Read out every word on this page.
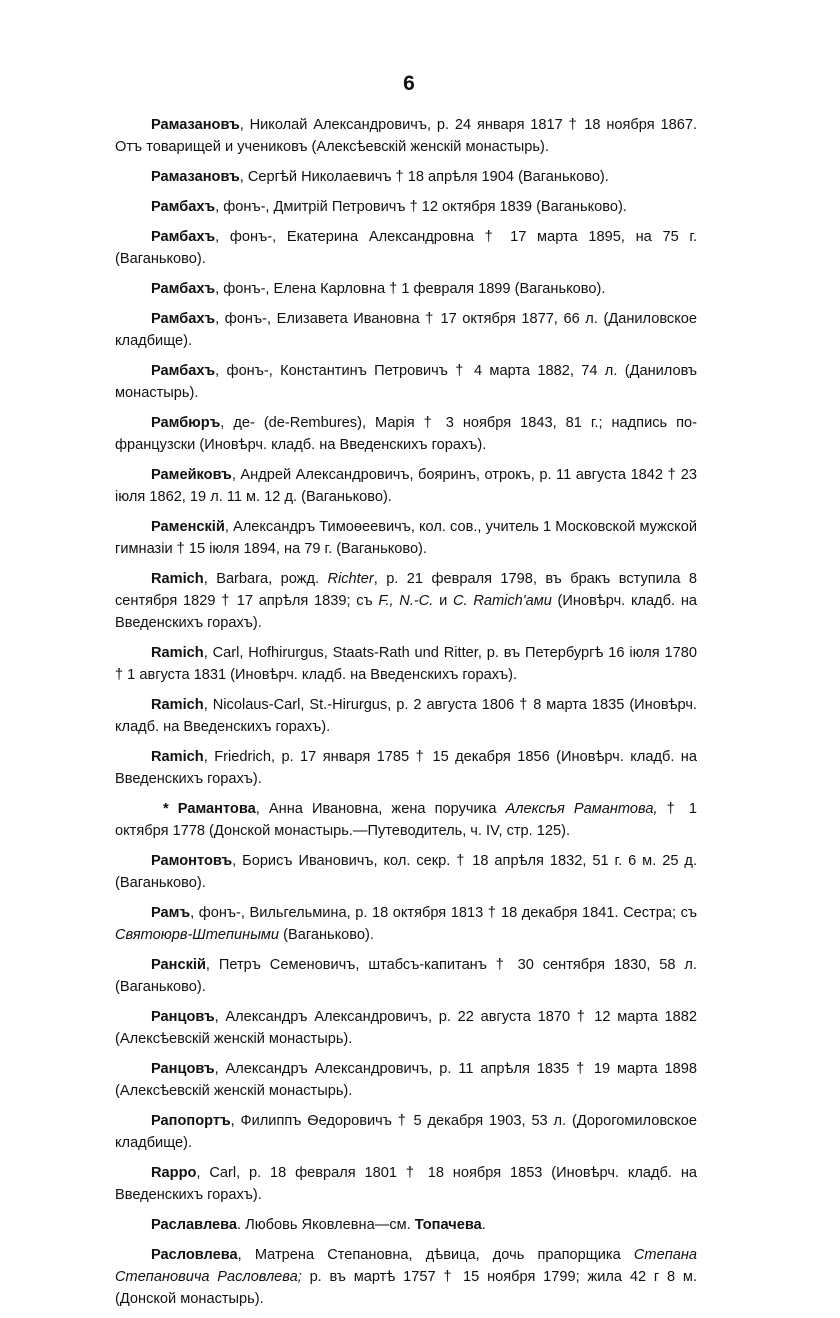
6

Рамазановъ, Николай Александровичъ, р. 24 января 1817 † 18 ноября 1867. Отъ товарищей и учениковъ (Алексѣевскій женскій монастырь).

Рамазановъ, Сергѣй Николаевичъ † 18 апрѣля 1904 (Ваганьково).

Рамбахъ, фонъ-, Дмитрій Петровичъ † 12 октября 1839 (Ваганьково).

Рамбахъ, фонъ-, Екатерина Александровна † 17 марта 1895, на 75 г. (Ваганьково).

Рамбахъ, фонъ-, Елена Карловна † 1 февраля 1899 (Ваганьково).

Рамбахъ, фонъ-, Елизавета Ивановна † 17 октября 1877, 66 л. (Даниловское кладбище).

Рамбахъ, фонъ-, Константинъ Петровичъ † 4 марта 1882, 74 л. (Даниловъ монастырь).

Рамбюръ, де- (de-Rembures), Марія † 3 ноября 1843, 81 г.; надпись по-французски (Иновѣрч. кладб. на Введенскихъ горахъ).

Рамейковъ, Андрей Александровичъ, бояринъ, отрокъ, р. 11 августа 1842 † 23 іюля 1862, 19 л. 11 м. 12 д. (Ваганьково).

Раменскій, Александръ Тимоѳеевичъ, кол. сов., учитель 1 Московской мужской гимназіи † 15 іюля 1894, на 79 г. (Ваганьково).

Ramich, Barbara, рожд. Richter, р. 21 февраля 1798, въ бракъ вступила 8 сентября 1829 † 17 апрѣля 1839; съ F., N.-C. и C. Ramich'ами (Иновѣрч. кладб. на Введенскихъ горахъ).

Ramich, Carl, Hofhirurgus, Staats-Rath und Ritter, р. въ Петербургѣ 16 іюля 1780 † 1 августа 1831 (Иновѣрч. кладб. на Введенскихъ горахъ).

Ramich, Nicolaus-Carl, St.-Hirurgus, р. 2 августа 1806 † 8 марта 1835 (Иновѣрч. кладб. на Введенскихъ горахъ).

Ramich, Friedrich, р. 17 января 1785 † 15 декабря 1856 (Иновѣрч. кладб. на Введенскихъ горахъ).

* Рамантова, Анна Ивановна, жена поручика Алексѣя Рамантова, † 1 октября 1778 (Донской монастырь.—Путеводитель, ч. IV, стр. 125).

Рамонтовъ, Борисъ Ивановичъ, кол. секр. † 18 апрѣля 1832, 51 г. 6 м. 25 д. (Ваганьково).

Рамъ, фонъ-, Вильгельмина, р. 18 октября 1813 † 18 декабря 1841. Сестра; съ Святоюрв-Штепиными (Ваганьково).

Ранскій, Петръ Семеновичъ, штабсъ-капитанъ † 30 сентября 1830, 58 л. (Ваганьково).

Ранцовъ, Александръ Александровичъ, р. 22 августа 1870 † 12 марта 1882 (Алексѣевскій женскій монастырь).

Ранцовъ, Александръ Александровичъ, р. 11 апрѣля 1835 † 19 марта 1898 (Алексѣевскій женскій монастырь).

Рапопортъ, Филиппъ Ѳедоровичъ † 5 декабря 1903, 53 л. (Дорогомиловское кладбище).

Rappo, Carl, р. 18 февраля 1801 † 18 ноября 1853 (Иновѣрч. кладб. на Введенскихъ горахъ).

Раславлева. Любовь Яковлевна—см. Топачева.

Расловлева, Матрена Степановна, дѣвица, дочь прапорщика Степана Степановича Расловлева; р. въ мартѣ 1757 † 15 ноября 1799; жила 42 г 8 м. (Донской монастырь).
